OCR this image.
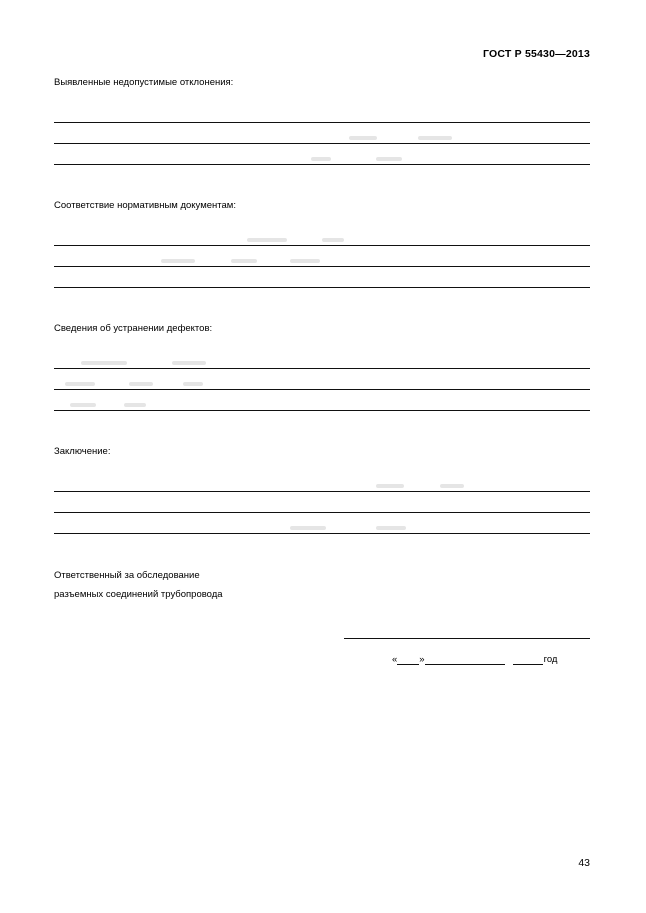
ГОСТ Р 55430—2013
Выявленные недопустимые отклонения:
Соответствие нормативным документам:
Сведения об устранении дефектов:
Заключение:
Ответственный за обследование
разъемных соединений трубопровода
« »	год
43
